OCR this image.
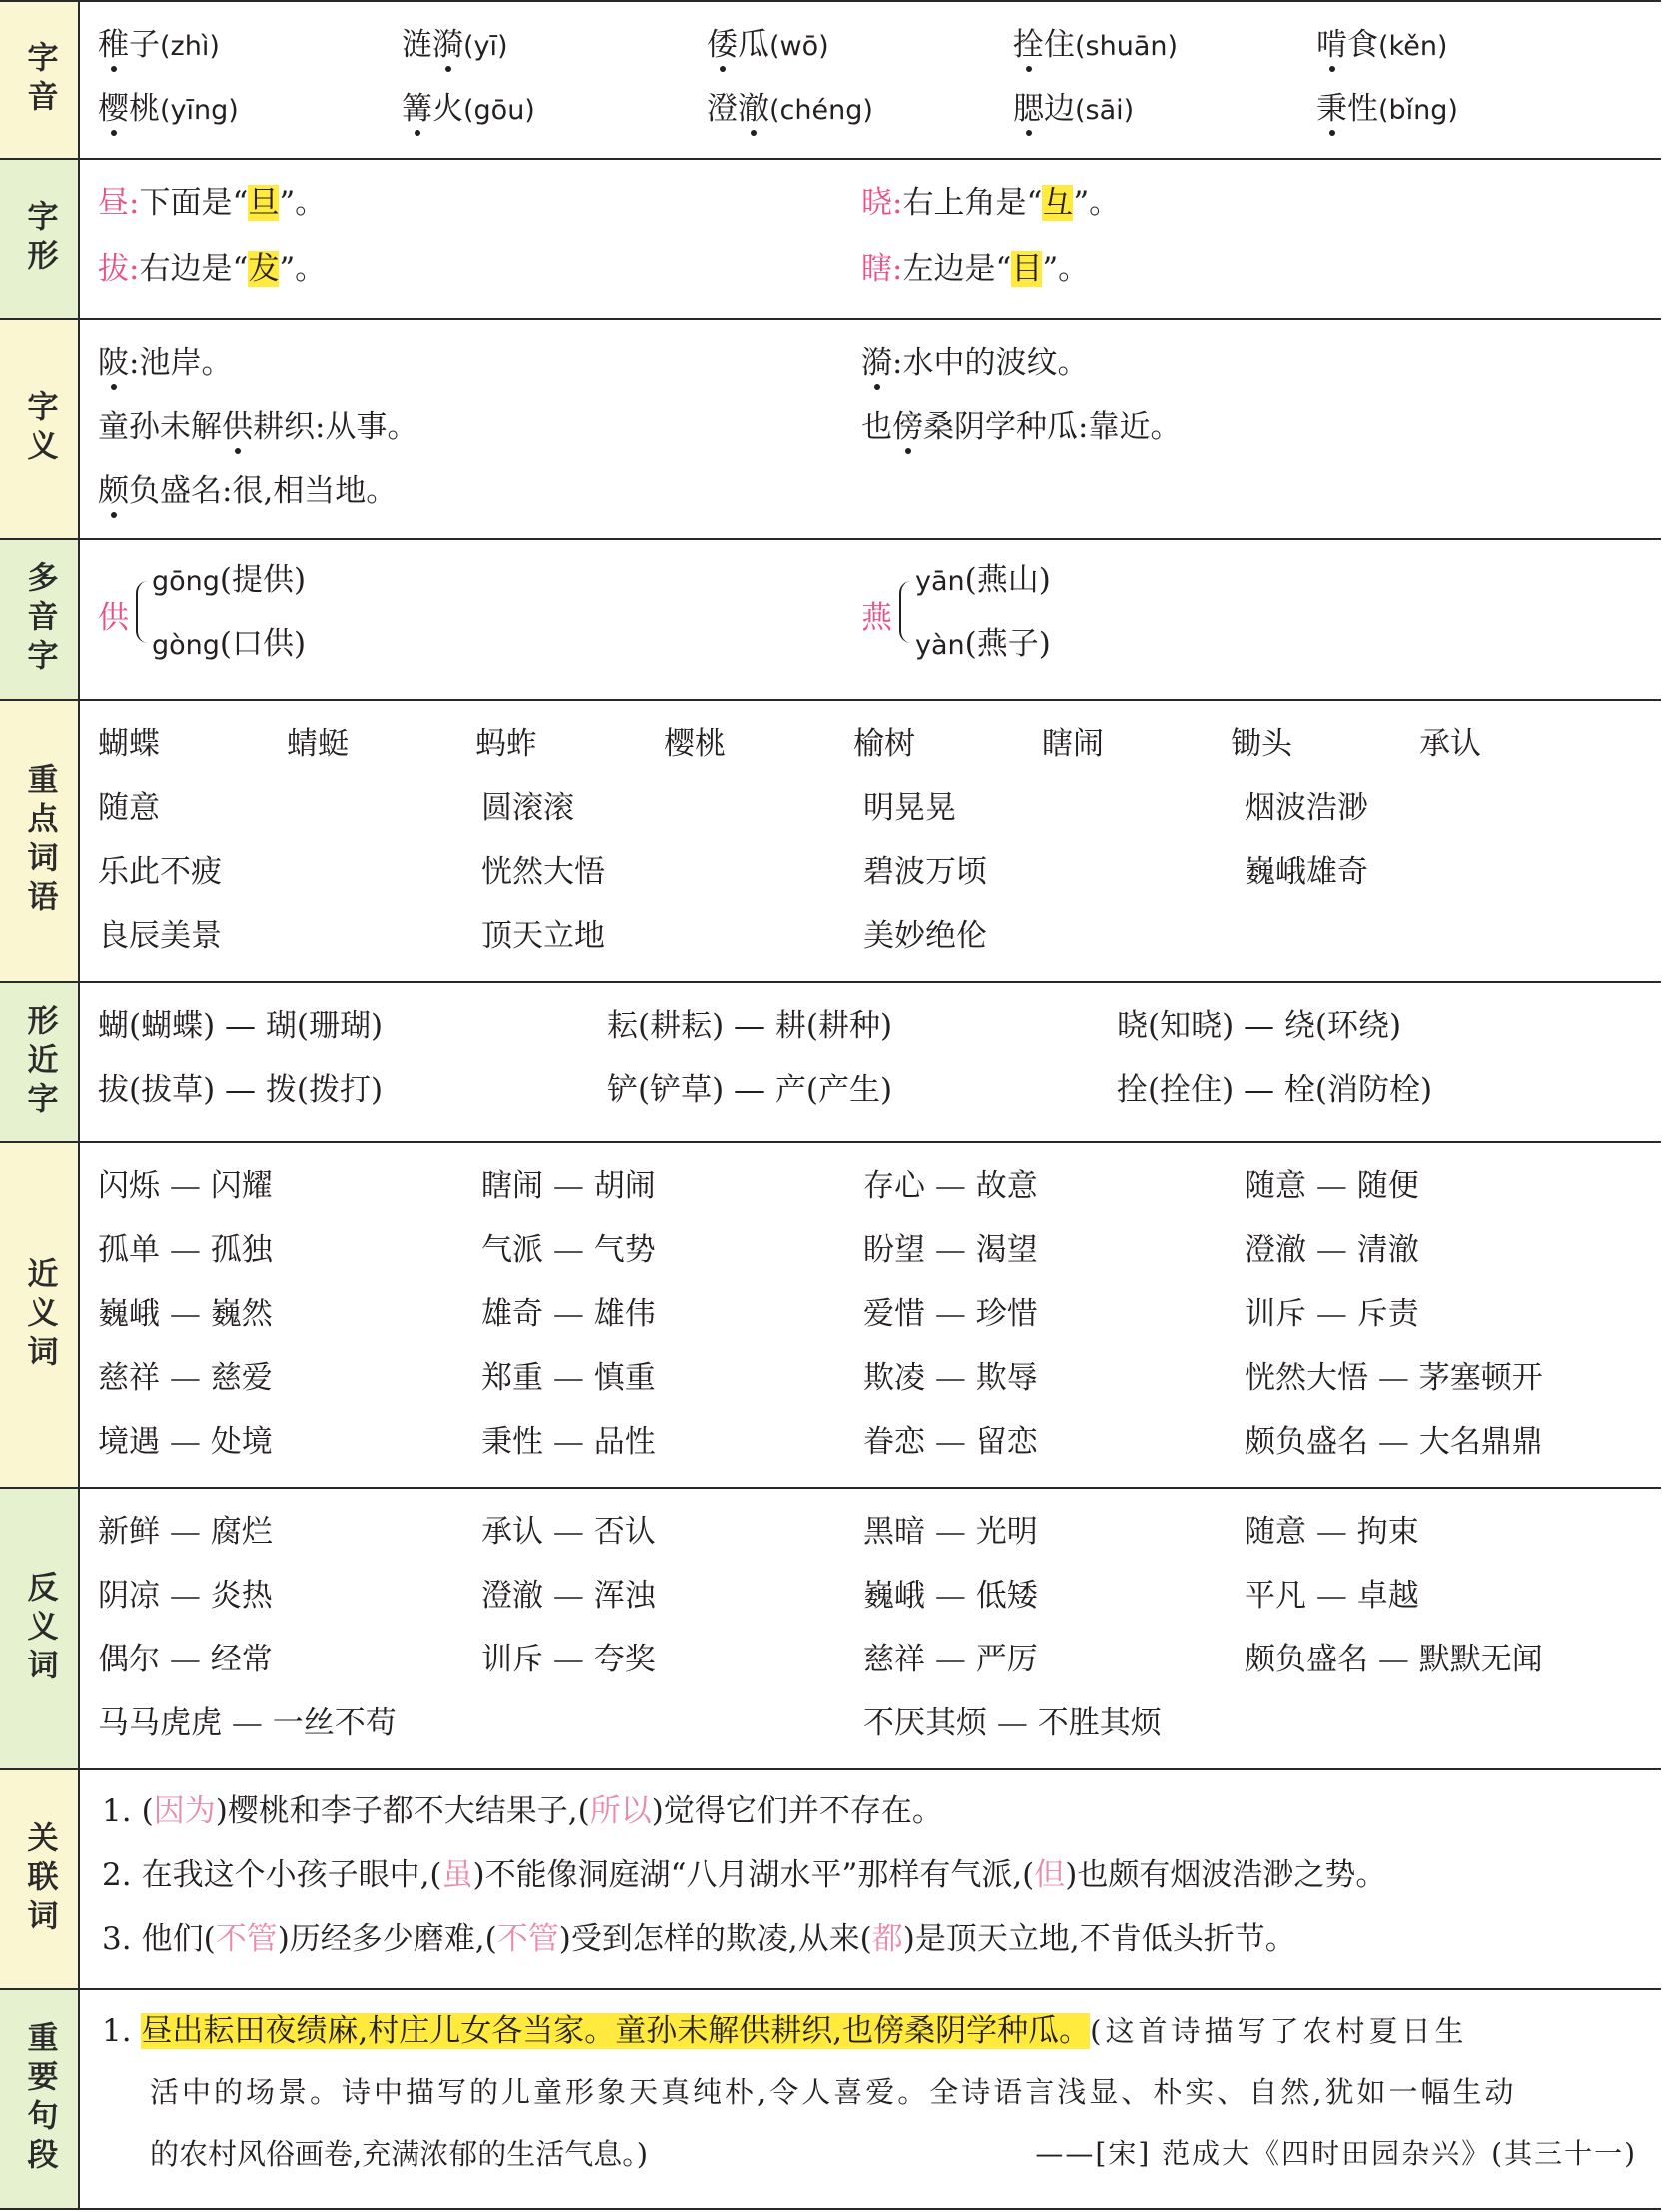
字音 稚子(zhì)	涟漪(yī)	倭瓜(wō)	拴住(shuān)	啃食(kěn)
樱桃(yīng)	篝火(gōu)	澄澈(chéng)	腮边(sāi)	秉性(bǐng)
字形 昼:下面是“旦”。	晓:右上角是“⺔”。
拔:右边是“犮”。	瞎:左边是“目”。
字义
陂:池岸。	漪:水中的波纹。
童孙未解供耕织:从事。	也傍桑阴学种瓜:靠近。
颇负盛名:很,相当地。
多音字 供
gōng(提供)
gòng(口供)
燕
yān(燕山)
yàn(燕子)
重点词语
蝴蝶	蜻蜓	蚂蚱	樱桃	榆树	瞎闹	锄头	承认
随意	圆滚滚	明晃晃	烟波浩渺
乐此不疲	恍然大悟	碧波万顷	巍峨雄奇
良辰美景	顶天立地	美妙绝伦
形近字 蝴(蝴蝶) — 瑚(珊瑚)	耘(耕耘) — 耕(耕种)	晓(知晓) — 绕(环绕)
拔(拔草) — 拨(拨打)	铲(铲草) — 产(产生)	拴(拴住) — 栓(消防栓)
近义词
闪烁 — 闪耀	瞎闹 — 胡闹	存心 — 故意	随意 — 随便
孤单 — 孤独	气派 — 气势	盼望 — 渴望	澄澈 — 清澈
巍峨 — 巍然	雄奇 — 雄伟	爱惜 — 珍惜	训斥 — 斥责
慈祥 — 慈爱	郑重 — 慎重	欺凌 — 欺辱	恍然大悟 — 茅塞顿开
境遇 — 处境	秉性 — 品性	眷恋 — 留恋	颇负盛名 — 大名鼎鼎
反义词
新鲜 — 腐烂	承认 — 否认	黑暗 — 光明	随意 — 拘束
阴凉 — 炎热	澄澈 — 浑浊	巍峨 — 低矮	平凡 — 卓越
偶尔 — 经常	训斥 — 夸奖	慈祥 — 严厉	颇负盛名 — 默默无闻
马马虎虎 — 一丝不苟	不厌其烦 — 不胜其烦
关联词
1. (因为)樱桃和李子都不大结果子,(所以)觉得它们并不存在。
2. 在我这个小孩子眼中,(虽)不能像洞庭湖“八月湖水平”那样有气派,(但)也颇有烟波浩渺之势。
3. 他们(不管)历经多少磨难,(不管)受到怎样的欺凌,从来(都)是顶天立地,不肯低头折节。
重要句段 1. 昼出耘田夜绩麻,村庄儿女各当家。童孙未解供耕织,也傍桑阴学种瓜。(这首诗描写了农村夏日生
活中的场景。诗中描写的儿童形象天真纯朴,令人喜爱。全诗语言浅显、朴实、自然,犹如一幅生动
的农村风俗画卷,充满浓郁的生活气息。)	——[宋] 范成大《四时田园杂兴》(其三十一)
